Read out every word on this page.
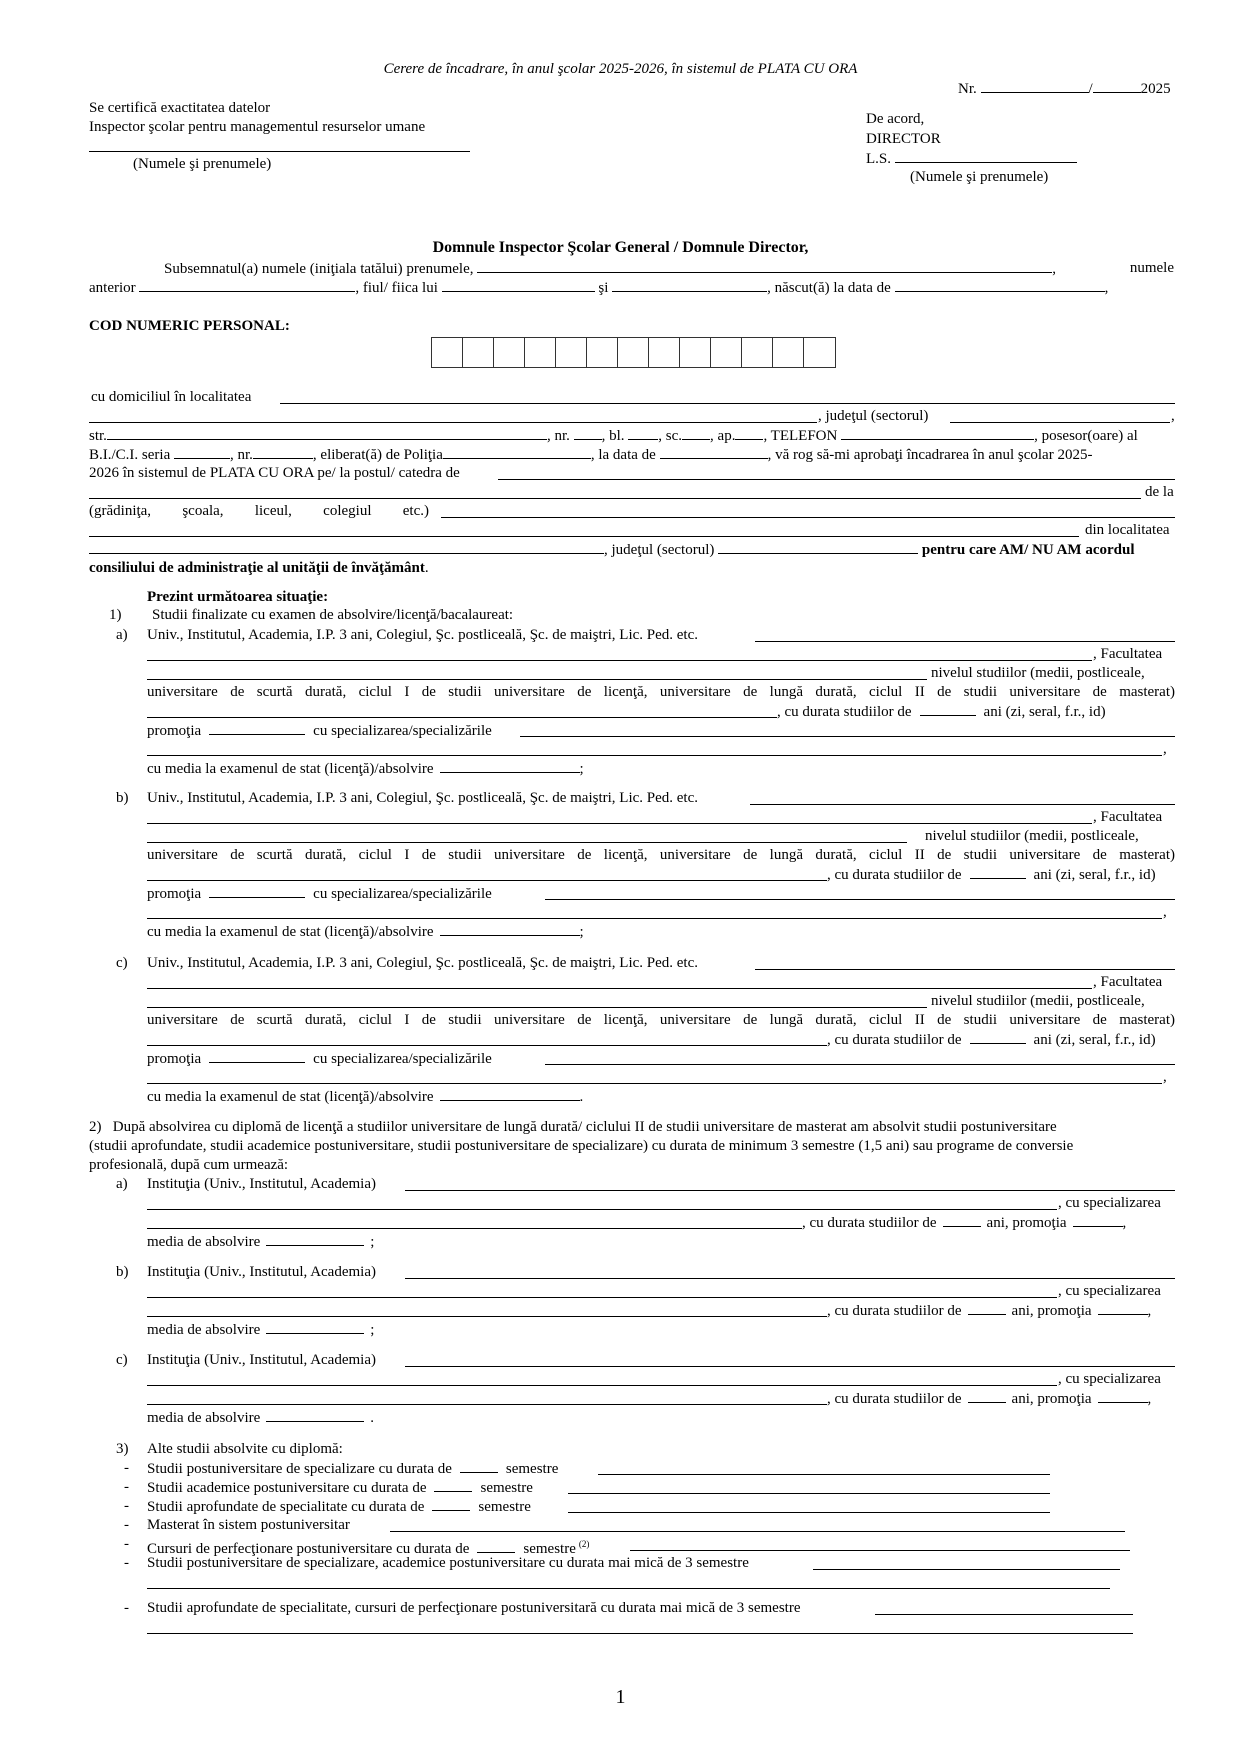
Cerere de încadrare, în anul şcolar 2025-2026, în sistemul de PLATA CU ORA
Nr.	/	2025
Se certifică exactitatea datelor
Inspector şcolar pentru managementul resurselor umane
(Numele şi prenumele)
De acord,
DIRECTOR
L.S.
(Numele şi prenumele)
Domnule Inspector Şcolar General / Domnule Director,
Subsemnatul(a) numele (iniţiala tatălui) prenumele,	,	numele
anterior	, fiul/ fiica lui	şi	, născut(ă) la data de	,
COD NUMERIC PERSONAL:
cu domiciliul în localitatea
, judeţul (sectorul)	,
str.	, nr. , bl. , sc. , ap. , TELEFON	, posesor(oare) al
B.I./C.I. seria	, nr.	, eliberat(ă) de Poliţia	, la data de	, vă rog să-mi aprobaţi încadrarea în anul şcolar 2025-
2026 în sistemul de PLATA CU ORA pe/ la postul/ catedra de
de la
(grădiniţa, şcoala, liceul, colegiul etc.)
din localitatea
, judeţul (sectorul)	pentru care AM/ NU AM acordul
consiliului de administraţie al unităţii de învăţământ.
Prezint următoarea situaţie:
1) Studii finalizate cu examen de absolvire/licenţă/bacalaureat:
a) Univ., Institutul, Academia, I.P. 3 ani, Colegiul, Şc. postliceală, Şc. de maiştri, Lic. Ped. etc.
, Facultatea
nivelul studiilor (medii, postliceale,
universitare de scurtă durată, ciclul I de studii universitare de licenţă, universitare de lungă durată, ciclul II de studii universitare de masterat)
, cu durata studiilor de	ani (zi, seral, f.r., id)
promoţia	cu specializarea/specializările
,
cu media la examenul de stat (licenţă)/absolvire	;
b) Univ., Institutul, Academia, I.P. 3 ani, Colegiul, Şc. postliceală, Şc. de maiştri, Lic. Ped. etc.
, Facultatea
nivelul studiilor (medii, postliceale,
universitare de scurtă durată, ciclul I de studii universitare de licenţă, universitare de lungă durată, ciclul II de studii universitare de masterat)
, cu durata studiilor de	ani (zi, seral, f.r., id)
promoţia	cu specializarea/specializările
,
cu media la examenul de stat (licenţă)/absolvire	;
c) Univ., Institutul, Academia, I.P. 3 ani, Colegiul, Şc. postliceală, Şc. de maiştri, Lic. Ped. etc.
, Facultatea
nivelul studiilor (medii, postliceale,
universitare de scurtă durată, ciclul I de studii universitare de licenţă, universitare de lungă durată, ciclul II de studii universitare de masterat)
, cu durata studiilor de	ani (zi, seral, f.r., id)
promoţia	cu specializarea/specializările
,
cu media la examenul de stat (licenţă)/absolvire	.
2) După absolvirea cu diplomă de licenţă a studiilor universitare de lungă durată/ ciclului II de studii universitare de masterat am absolvit studii postuniversitare
(studii aprofundate, studii academice postuniversitare, studii postuniversitare de specializare) cu durata de minimum 3 semestre (1,5 ani) sau programe de conversie
profesională, după cum urmează:
a) Instituţia (Univ., Institutul, Academia)
, cu specializarea
, cu durata studiilor de	ani, promoţia	,
media de absolvire	;
b) Instituţia (Univ., Institutul, Academia)
, cu specializarea
, cu durata studiilor de	ani, promoţia	,
media de absolvire	;
c) Instituţia (Univ., Institutul, Academia)
, cu specializarea
, cu durata studiilor de	ani, promoţia	,
media de absolvire	.
3) Alte studii absolvite cu diplomă:
- Studii postuniversitare de specializare cu durata de	semestre
- Studii academice postuniversitare cu durata de	semestre
- Studii aprofundate de specialitate cu durata de	semestre
- Masterat în sistem postuniversitar
- Cursuri de perfecţionare postuniversitare cu durata de	semestre $^{(2)}$
- Studii postuniversitare de specializare, academice postuniversitare cu durata mai mică de 3 semestre
- Studii aprofundate de specialitate, cursuri de perfecţionare postuniversitară cu durata mai mică de 3 semestre
1
